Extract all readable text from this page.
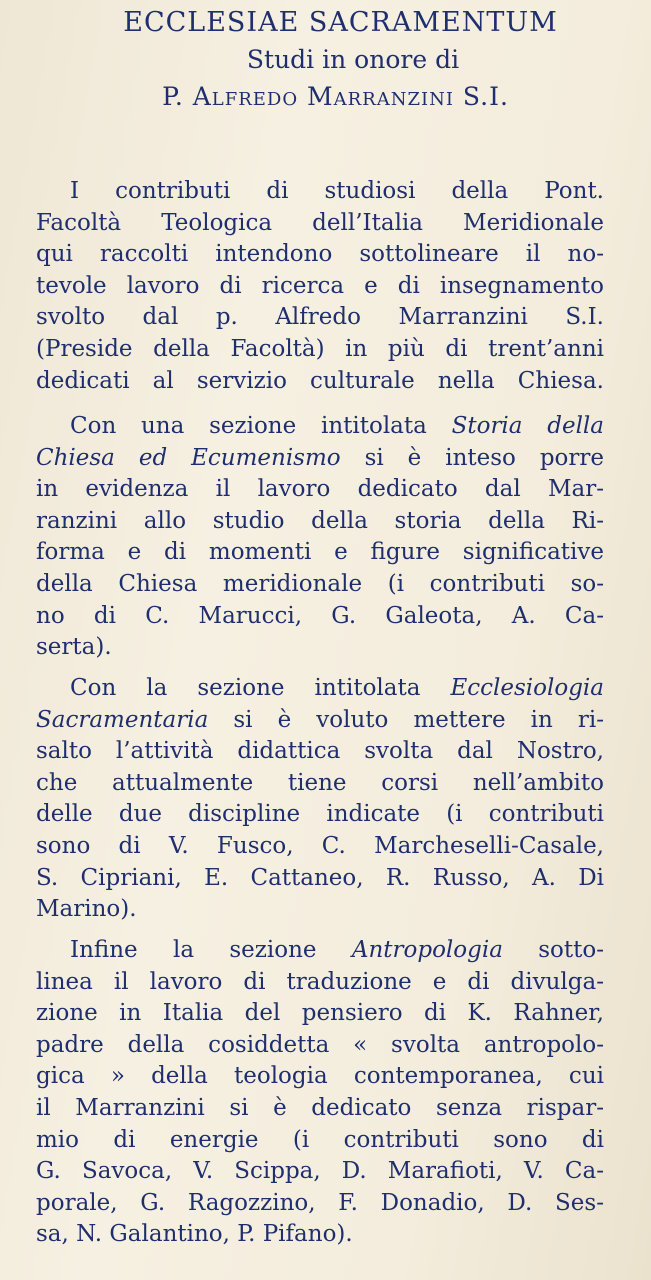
ECCLESIAE SACRAMENTUM

Studi in onore di

P. Alfredo Marranzini S.I.

I contributi di studiosi della Pont.
Facoltà Teologica dell’Italia Meridionale
qui raccolti intendono sottolineare il no-
tevole lavoro di ricerca e di insegnamento
svolto dal p. Alfredo Marranzini S.I.
(Preside della Facoltà) in più di trent’anni
dedicati al servizio culturale nella Chiesa.
Con una sezione intitolata Storia della
Chiesa ed Ecumenismo si è inteso porre
in evidenza il lavoro dedicato dal Mar-
ranzini allo studio della storia della Ri-
forma e di momenti e figure significative
della Chiesa meridionale (i contributi so-
no di C. Marucci, G. Galeota, A. Ca-
serta).
Con la sezione intitolata Ecclesiologia
Sacramentaria si è voluto mettere in ri-
salto l’attività didattica svolta dal Nostro,
che attualmente tiene corsi nell’ambito
delle due discipline indicate (i contributi
sono di V. Fusco, C. Marcheselli-Casale,
S. Cipriani, E. Cattaneo, R. Russo, A. Di
Marino).
Infine la sezione Antropologia sotto-
linea il lavoro di traduzione e di divulga-
zione in Italia del pensiero di K. Rahner,
padre della cosiddetta « svolta antropolo-
gica » della teologia contemporanea, cui
il Marranzini si è dedicato senza rispar-
mio di energie (i contributi sono di
G. Savoca, V. Scippa, D. Marafioti, V. Ca-
porale, G. Ragozzino, F. Donadio, D. Ses-
sa, N. Galantino, P. Pifano).
